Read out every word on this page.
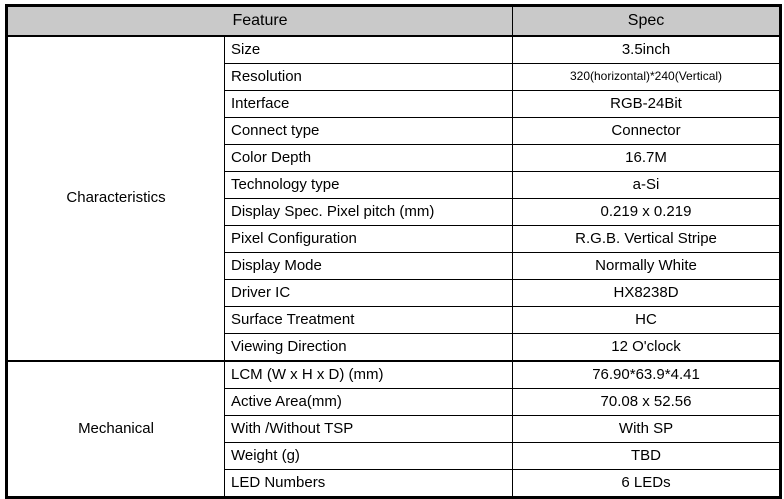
Feature		Spec
Characteristics	Size	3.5inch
	Resolution	320(horizontal)*240(Vertical)
	Interface	RGB-24Bit
	Connect type	Connector
	Color Depth	16.7M
	Technology type	a-Si
	Display Spec. Pixel pitch (mm)	0.219 x 0.219
	Pixel Configuration	R.G.B. Vertical Stripe
	Display Mode	Normally White
	Driver IC	HX8238D
	Surface Treatment	HC
	Viewing Direction	12 O'clock
Mechanical	LCM (W x H x D) (mm)	76.90*63.9*4.41
	Active Area(mm)	70.08 x 52.56
	With /Without TSP	With SP
	Weight (g)	TBD
	LED Numbers	6 LEDs
